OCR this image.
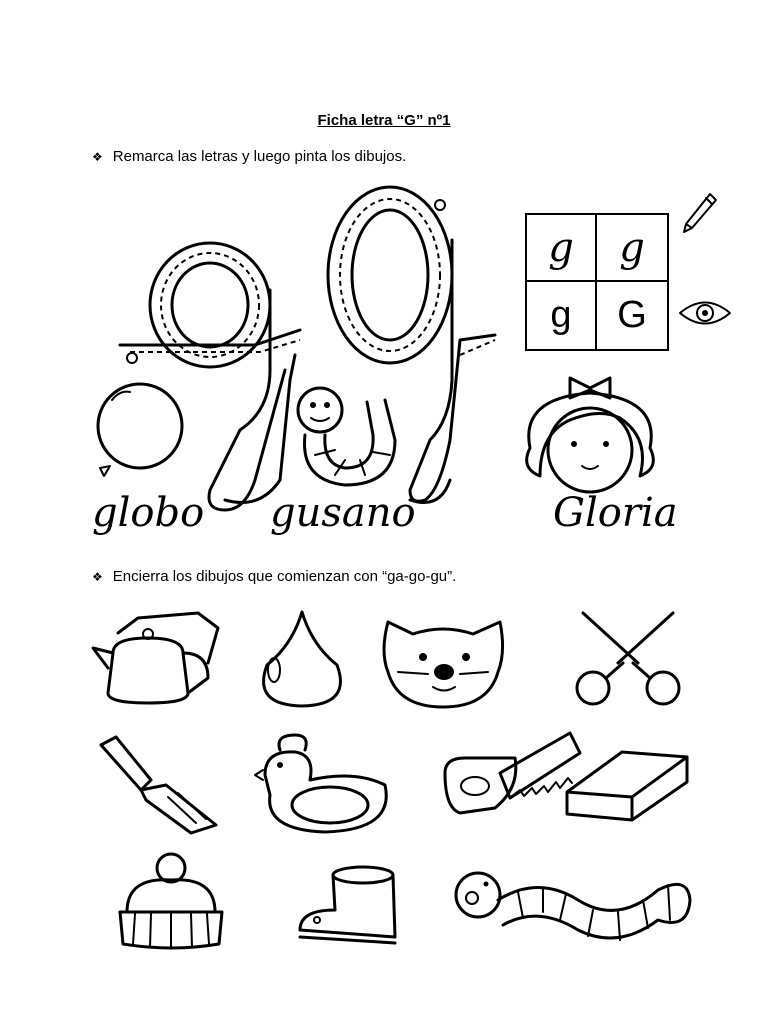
Ficha letra “G” nº1
❖ Remarca las letras y luego pinta los dibujos.
g	g
g	G
globo gusano	Gloria
❖ Encierra los dibujos que comienzan con “ga-go-gu”.
